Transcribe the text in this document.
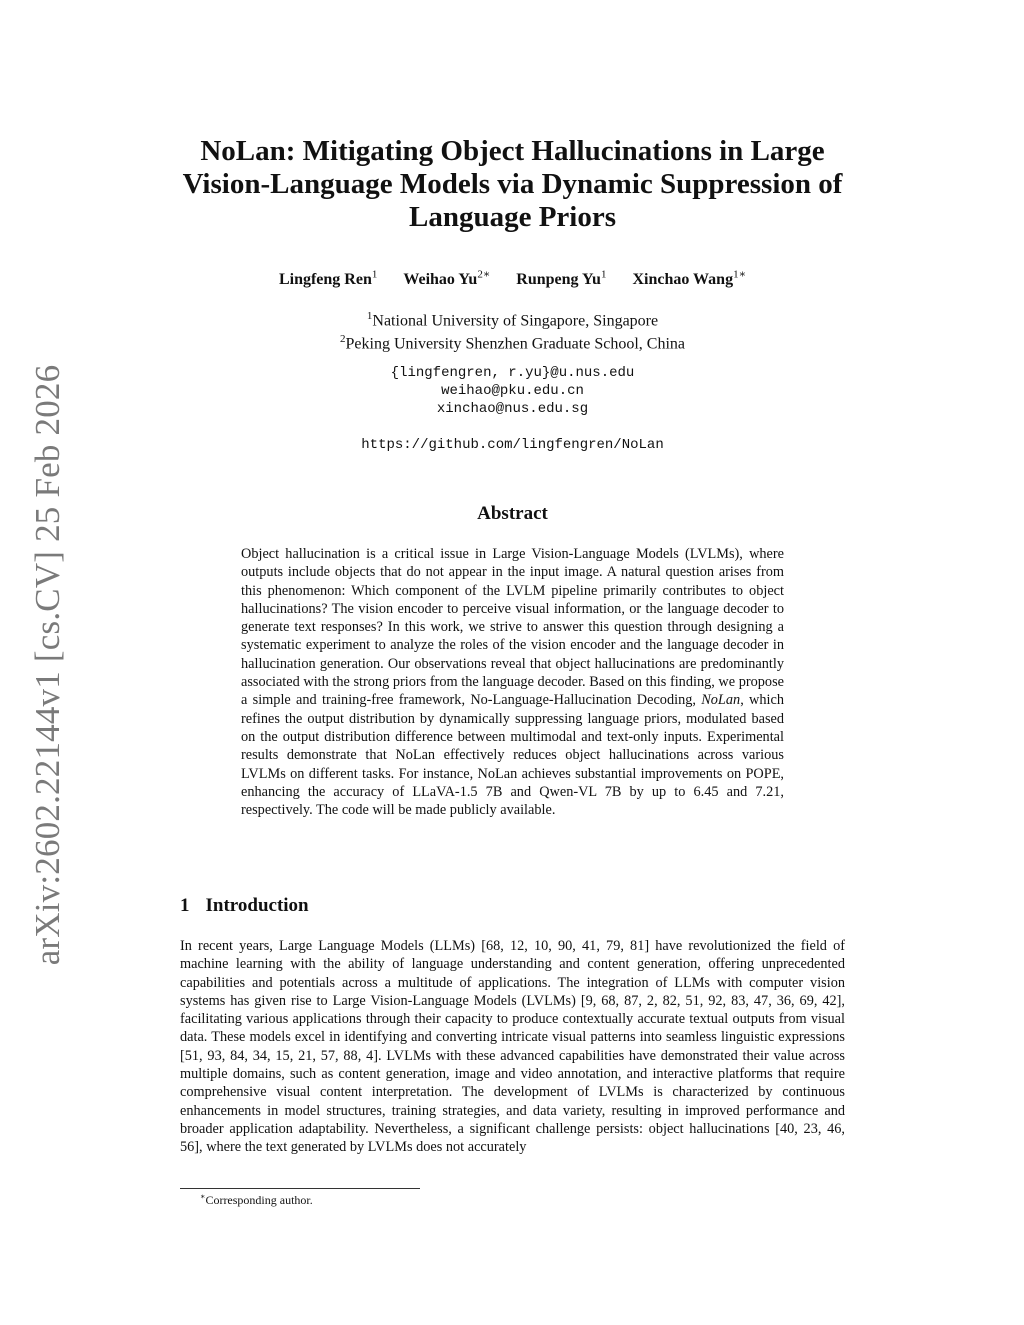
arXiv:2602.22144v1 [cs.CV] 25 Feb 2026
NoLan: Mitigating Object Hallucinations in Large Vision-Language Models via Dynamic Suppression of Language Priors
Lingfeng Ren$^1$ Weihao $Yu^{2∗}$ Runpeng Yu$^1$ Xinchao Wang$^{1∗}$
$^1$National University of Singapore, Singapore
$^2$Peking University Shenzhen Graduate School, China
{lingfengren, r.yu}@u.nus.edu
weihao@pku.edu.cn
xinchao@nus.edu.sg
https://github.com/lingfengren/NoLan
Abstract
Object hallucination is a critical issue in Large Vision-Language Models (LVLMs), where outputs include objects that do not appear in the input image. A natural question arises from this phenomenon: Which component of the LVLM pipeline primarily contributes to object hallucinations? The vision encoder to perceive visual information, or the language decoder to generate text responses? In this work, we strive to answer this question through designing a systematic experiment to analyze the roles of the vision encoder and the language decoder in hallucination generation. Our observations reveal that object hallucinations are predominantly associated with the strong priors from the language decoder. Based on this finding, we propose a simple and training-free framework, No-Language-Hallucination Decoding, NoLan, which refines the output distribution by dynamically suppressing language priors, modulated based on the output distribution difference between multimodal and text-only inputs. Experimental results demonstrate that NoLan effectively reduces object hallucinations across various LVLMs on different tasks. For instance, NoLan achieves substantial improvements on POPE, enhancing the accuracy of LLaVA-1.5 7B and Qwen-VL 7B by up to 6.45 and 7.21, respectively. The code will be made publicly available.
1 Introduction
In recent years, Large Language Models (LLMs) [68, 12, 10, 90, 41, 79, 81] have revolutionized the field of machine learning with the ability of language understanding and content generation, offering unprecedented capabilities and potentials across a multitude of applications. The integration of LLMs with computer vision systems has given rise to Large Vision-Language Models (LVLMs) [9, 68, 87, 2, 82, 51, 92, 83, 47, 36, 69, 42], facilitating various applications through their capacity to produce contextually accurate textual outputs from visual data. These models excel in identifying and converting intricate visual patterns into seamless linguistic expressions [51, 93, 84, 34, 15, 21, 57, 88, 4]. LVLMs with these advanced capabilities have demonstrated their value across multiple domains, such as content generation, image and video annotation, and interactive platforms that require comprehensive visual content interpretation. The development of LVLMs is characterized by continuous enhancements in model structures, training strategies, and data variety, resulting in improved performance and broader application adaptability. Nevertheless, a significant challenge persists: object hallucinations [40, 23, 46, 56], where the text generated by LVLMs does not accurately
∗Corresponding author.
